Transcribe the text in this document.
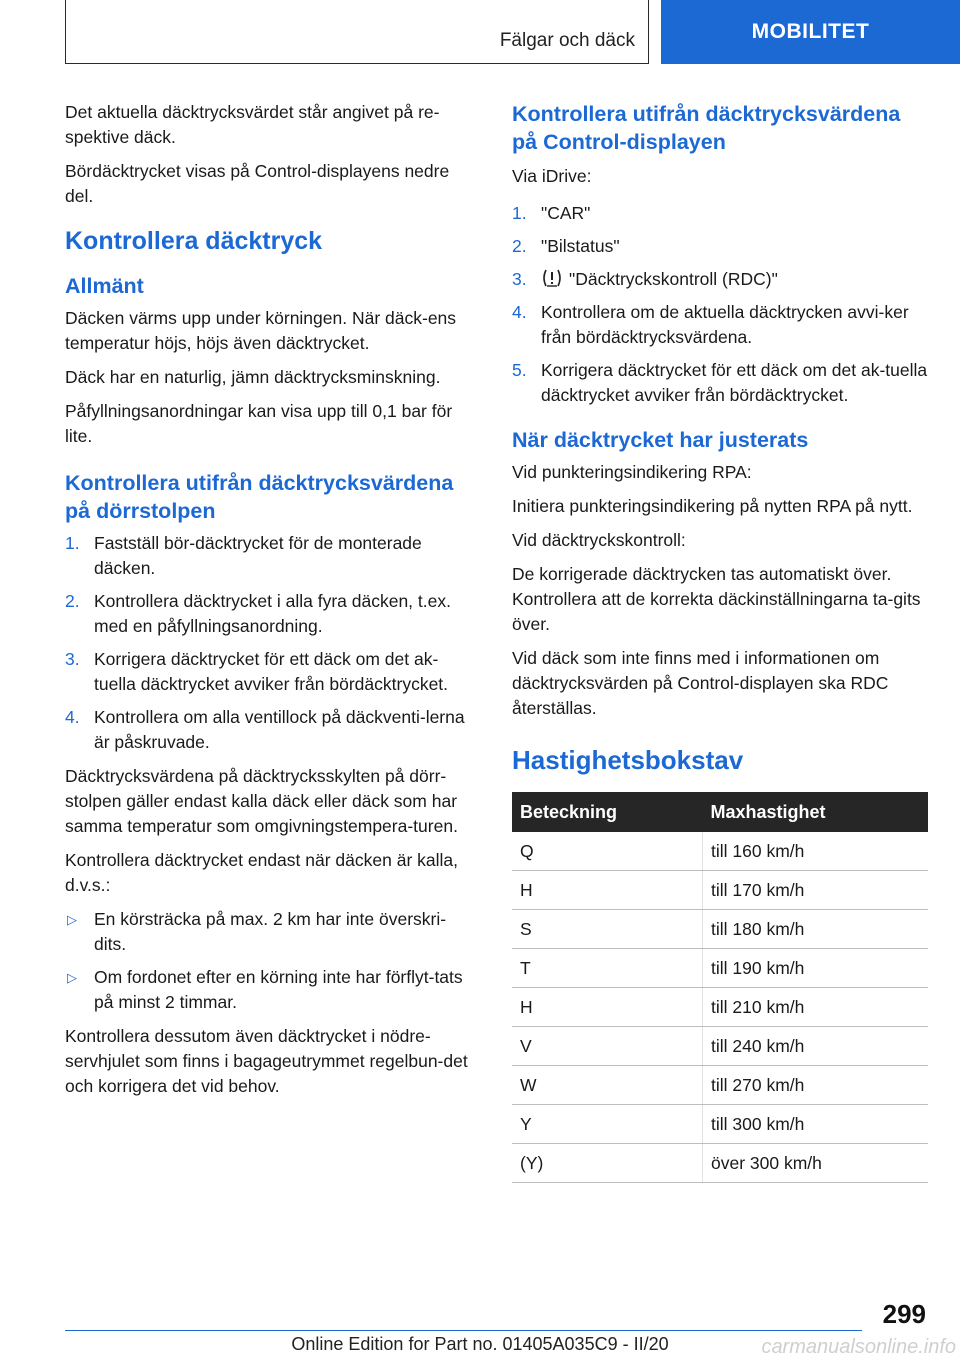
Fälgar och däck	MOBILITET

Det aktuella däcktrycksvärdet står angivet på re-spektive däck.

Bördäcktrycket visas på Control-displayens nedre del.

Kontrollera däcktryck
Allmänt

Däcken värms upp under körningen. När däck-ens temperatur höjs, höjs även däcktrycket.

Däck har en naturlig, jämn däcktrycksminskning.

Påfyllningsanordningar kan visa upp till 0,1 bar för lite.

Kontrollera utifrån däcktrycksvärdena på dörrstolpen
1. Fastställ bör-däcktrycket för de monterade däcken.
2. Kontrollera däcktrycket i alla fyra däcken, t.ex. med en påfyllningsanordning.
3. Korrigera däcktrycket för ett däck om det ak-tuella däcktrycket avviker från bördäcktrycket.
4. Kontrollera om alla ventillock på däckventi-lerna är påskruvade.

Däcktrycksvärdena på däcktrycksskylten på dörr-stolpen gäller endast kalla däck eller däck som har samma temperatur som omgivningstempera-turen.

Kontrollera däcktrycket endast när däcken är kalla, d.v.s.:

▷ En körsträcka på max. 2 km har inte överskri-dits.
▷ Om fordonet efter en körning inte har förflyt-tats på minst 2 timmar.

Kontrollera dessutom även däcktrycket i nödre-servhjulet som finns i bagageutrymmet regelbun-det och korrigera det vid behov.

Kontrollera utifrån däcktrycksvärdena på Control-displayen

Via iDrive:

1. "CAR"
2. "Bilstatus"
3. "Däcktryckskontroll (RDC)"
4. Kontrollera om de aktuella däcktrycken avvi-ker från bördäcktrycksvärdena.
5. Korrigera däcktrycket för ett däck om det ak-tuella däcktrycket avviker från bördäcktrycket.
När däcktrycket har justerats

Vid punkteringsindikering RPA:

Initiera punkteringsindikering på nytten RPA på nytt.

Vid däcktryckskontroll:

De korrigerade däcktrycken tas automatiskt över. Kontrollera att de korrekta däckinställningarna ta-gits över.

Vid däck som inte finns med i informationen om däcktrycksvärden på Control-displayen ska RDC återställas.

Hastighetsbokstav
Beteckning	Maxhastighet
Q	till 160 km/h
H	till 170 km/h
S	till 180 km/h
T	till 190 km/h
H	till 210 km/h
V	till 240 km/h
W	till 270 km/h
Y	till 300 km/h
(Y)	över 300 km/h
299
Online Edition for Part no. 01405A035C9 - II/20	carmanualsonline.info
